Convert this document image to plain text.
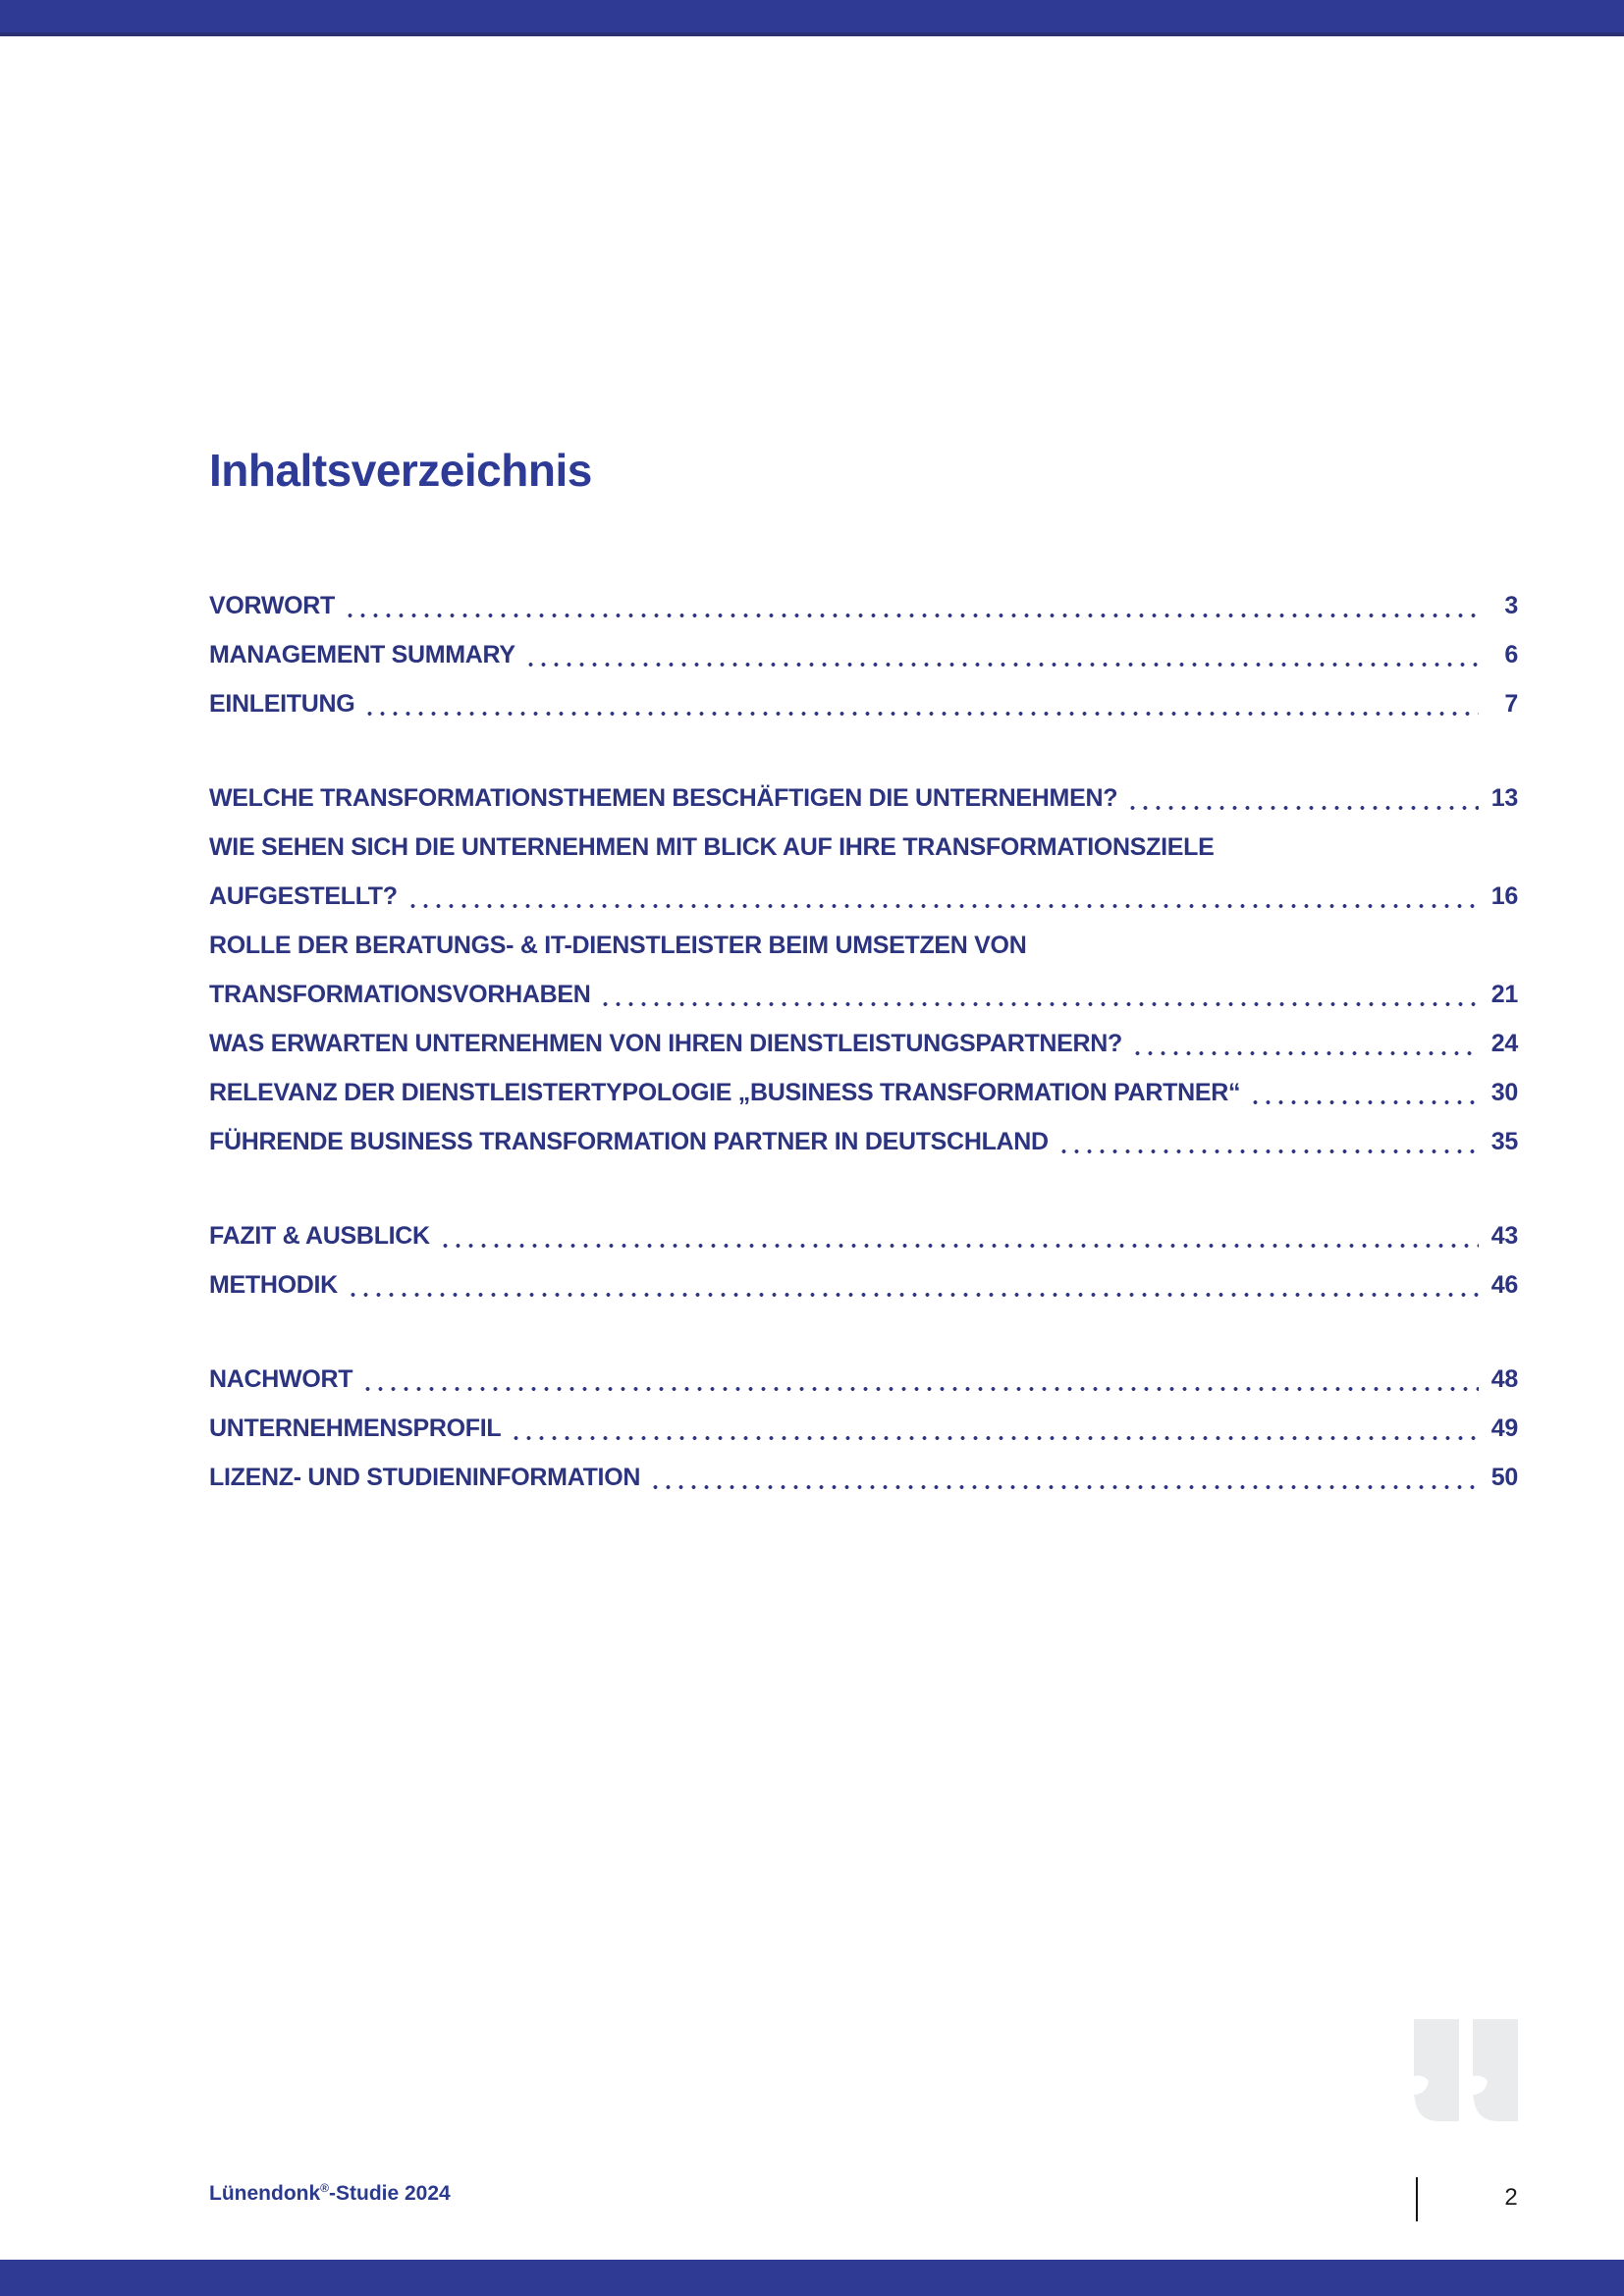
Inhaltsverzeichnis
VORWORT	3
MANAGEMENT SUMMARY	6
EINLEITUNG	7
WELCHE TRANSFORMATIONSTHEMEN BESCHÄFTIGEN DIE UNTERNEHMEN?	13
WIE SEHEN SICH DIE UNTERNEHMEN MIT BLICK AUF IHRE TRANSFORMATIONSZIELE
AUFGESTELLT?	16
ROLLE DER BERATUNGS- & IT-DIENSTLEISTER BEIM UMSETZEN VON
TRANSFORMATIONSVORHABEN	21
WAS ERWARTEN UNTERNEHMEN VON IHREN DIENSTLEISTUNGSPARTNERN?	24
RELEVANZ DER DIENSTLEISTERTYPOLOGIE „BUSINESS TRANSFORMATION PARTNER“	30
FÜHRENDE BUSINESS TRANSFORMATION PARTNER IN DEUTSCHLAND	35
FAZIT & AUSBLICK	43
METHODIK	46
NACHWORT	48
UNTERNEHMENSPROFIL	49
LIZENZ- UND STUDIENINFORMATION	50
Lünendonk®-Studie 2024	2
